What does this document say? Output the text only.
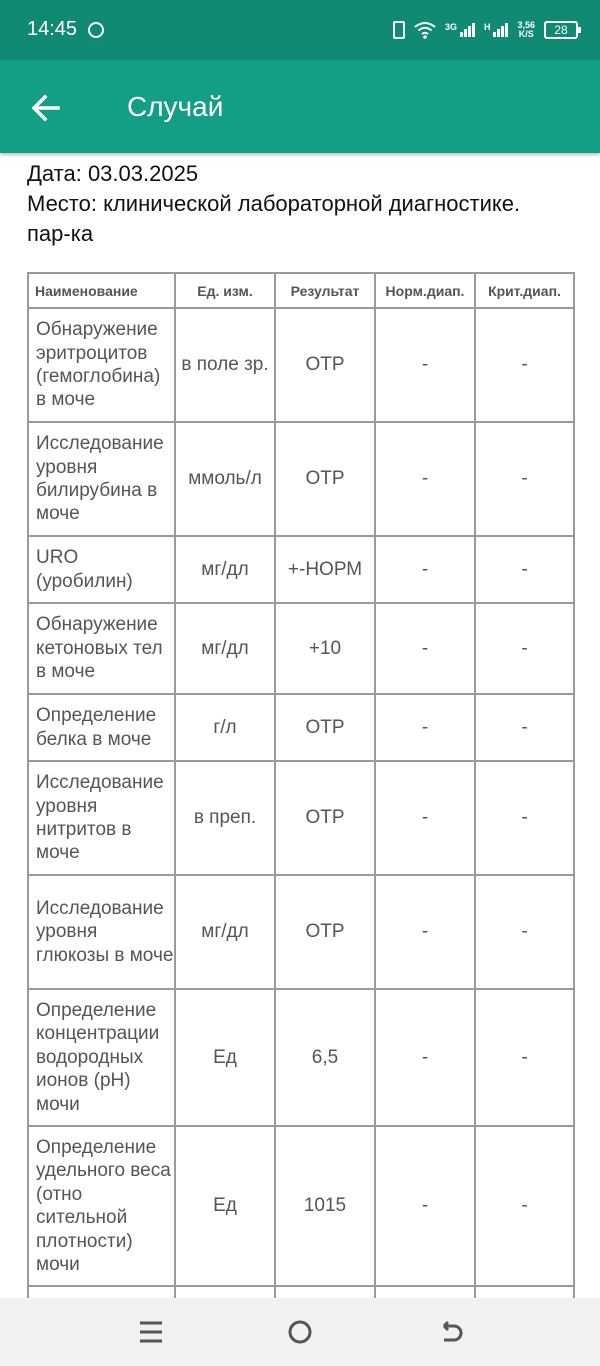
14:45	3G	H	3,56
K/S	28
Случай
Дата: 03.03.2025
Место: клинической лабораторной диагностике. пар-ка
Наименование	Ед. изм.	Результат	Норм.диап.	Крит.диап.
Обнаружение эритроцитов (гемоглобина) в моче	в поле зр.	ОТР	-	-
Исследование уровня билирубина в моче	ммоль/л	ОТР	-	-
URO (уробилин)	мг/дл	+-НОРМ	-	-
Обнаружение кетоновых тел в моче	мг/дл	+10	-	-
Определение белка в моче	г/л	ОТР	-	-
Исследование уровня нитритов в моче	в преп.	ОТР	-	-
Исследование уровня глюкозы в моче	мг/дл	ОТР	-	-
Определение концентрации водородных ионов (pH) мочи	Ед	6,5	-	-
Определение удельного веса (отно сительной плотности) мочи	Ед	1015	-	-
